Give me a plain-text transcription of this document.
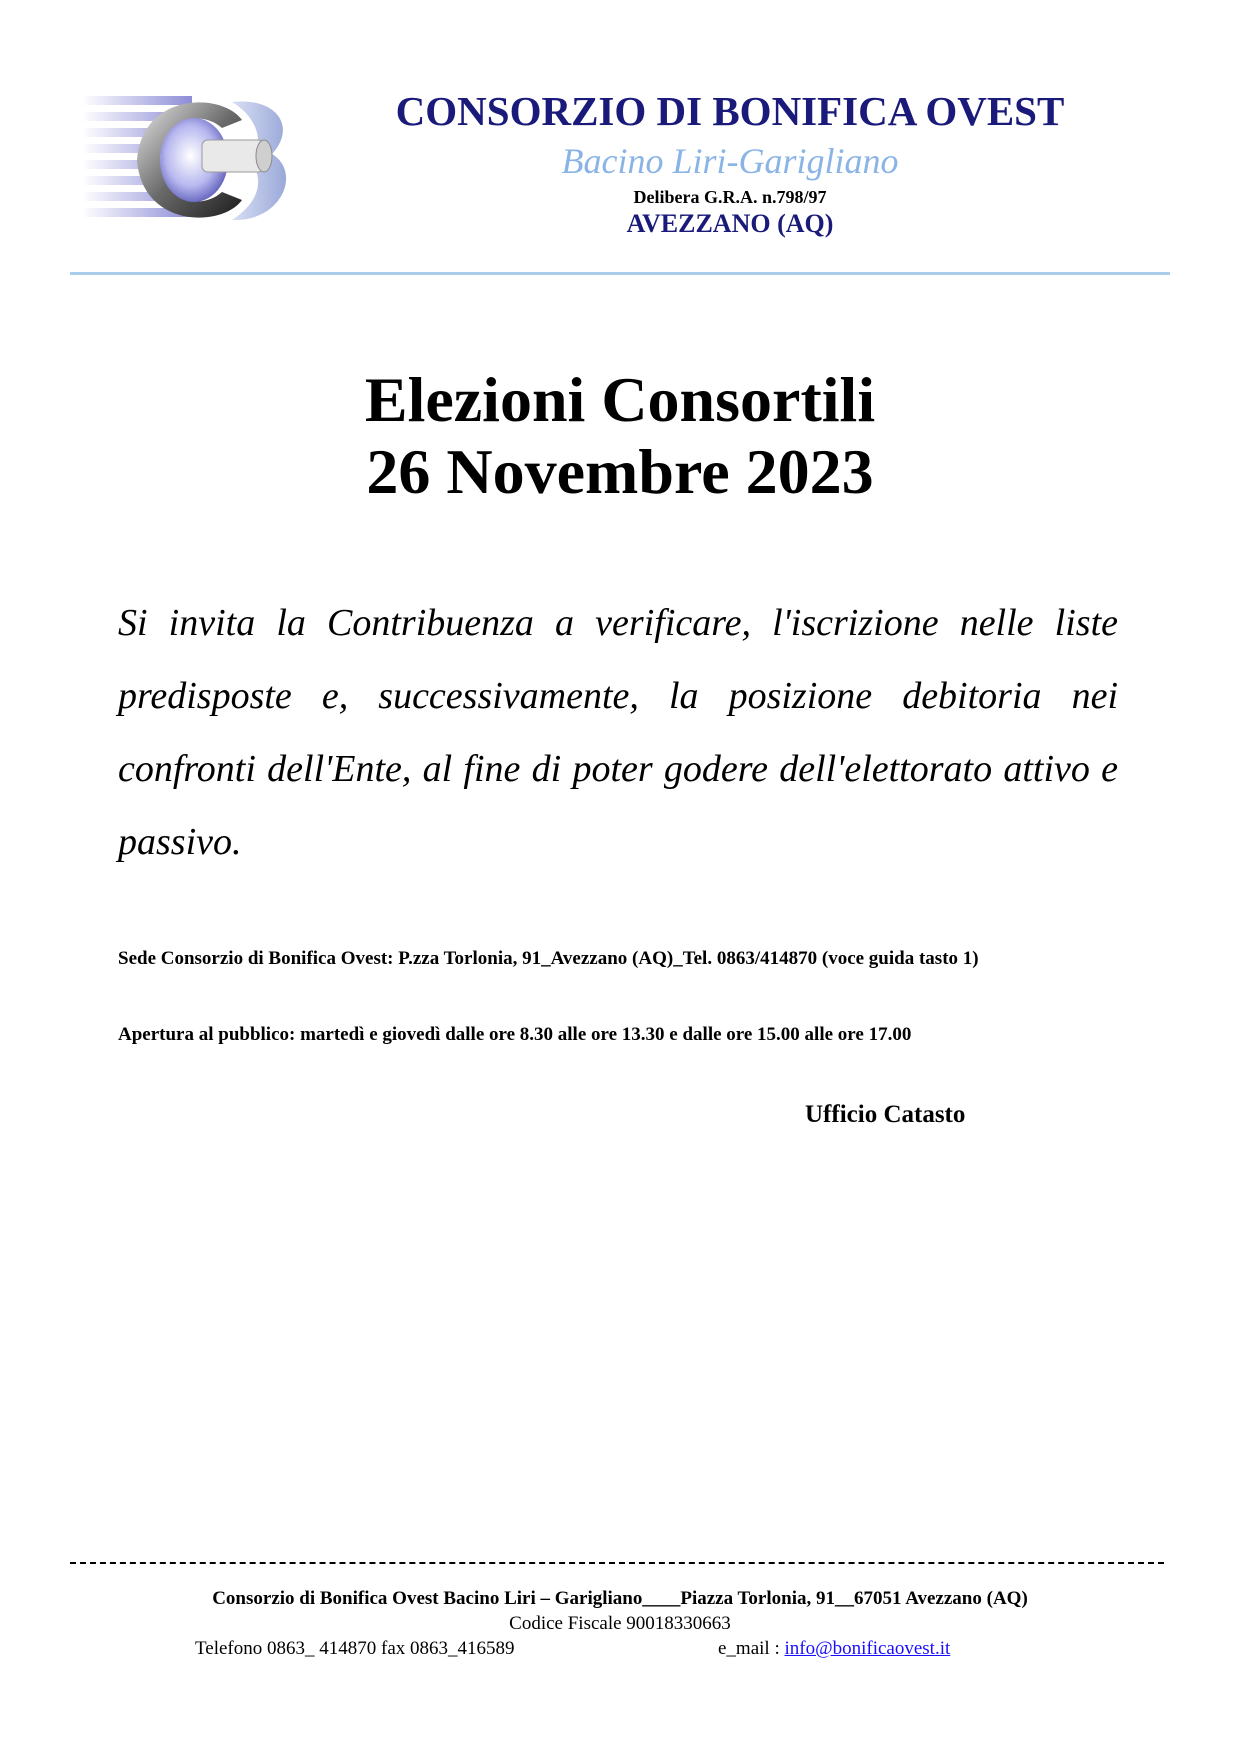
CONSORZIO DI BONIFICA OVEST

Bacino Liri-Garigliano

Delibera G.R.A. n.798/97

AVEZZANO (AQ)

Elezioni Consortili
26 Novembre 2023

Si invita la Contribuenza a verificare, l'iscrizione nelle liste predisposte e, successivamente, la posizione debitoria nei confronti dell'Ente, al fine di poter godere dell'elettorato attivo e passivo.

Sede Consorzio di Bonifica Ovest: P.zza Torlonia, 91_Avezzano (AQ)_Tel. 0863/414870 (voce guida tasto 1)

Apertura al pubblico: martedì e giovedì dalle ore 8.30 alle ore 13.30 e dalle ore 15.00 alle ore 17.00

Ufficio Catasto

Consorzio di Bonifica Ovest Bacino Liri – Garigliano____Piazza Torlonia, 91__67051 Avezzano (AQ)

Codice Fiscale 90018330663

Telefono 0863_ 414870 fax 0863_416589	e_mail : info@bonificaovest.it
